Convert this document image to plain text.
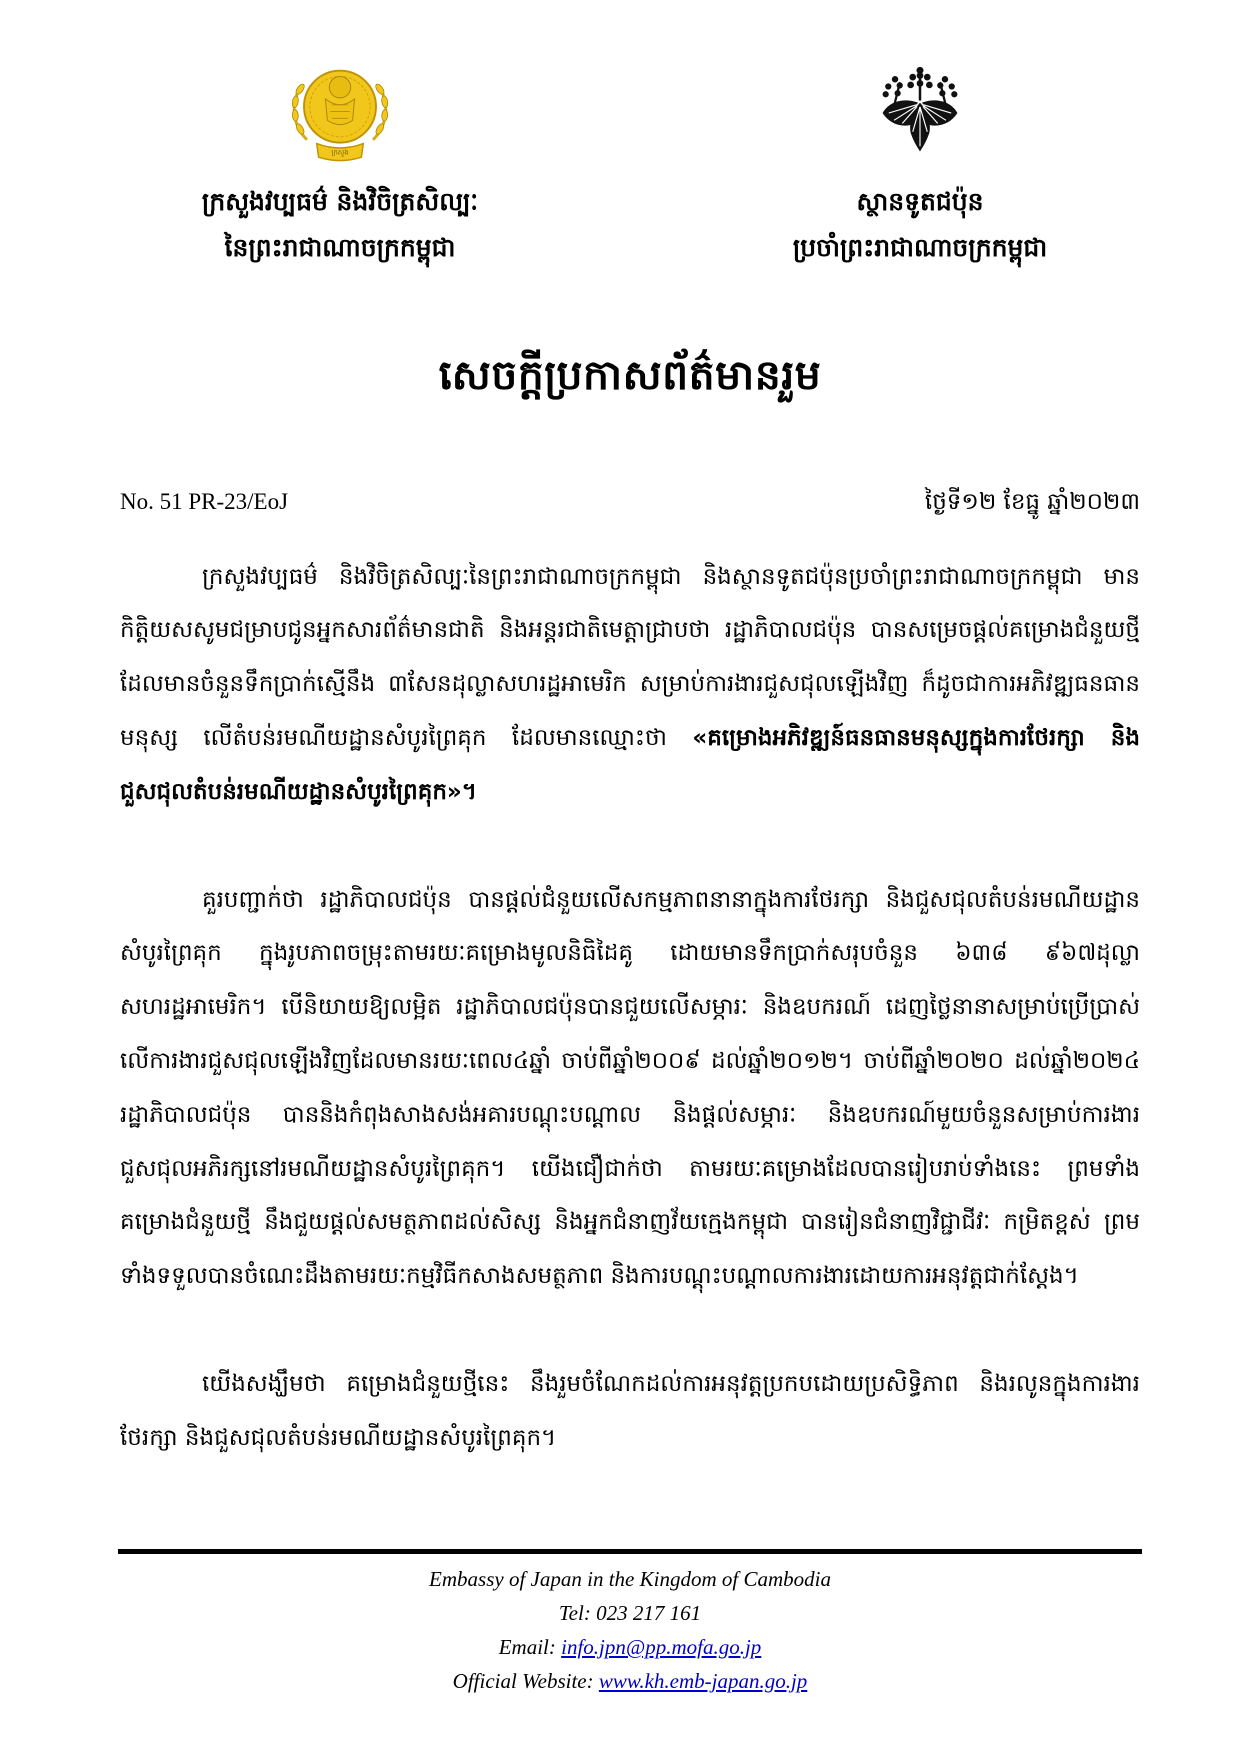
ក្រសួង
ក្រសួងវប្បធម៌ និងវិចិត្រសិល្បៈ
នៃព្រះរាជាណាចក្រកម្ពុជា
ស្ថានទូតជប៉ុន
ប្រចាំព្រះរាជាណាចក្រកម្ពុជា
សេចក្ដីប្រកាសព័ត៌មានរួម
No. 51 PR-23/EoJ	ថ្ងៃទី១២ ខែធ្នូ ឆ្នាំ២០២៣

ក្រសួងវប្បធម៌ និងវិចិត្រសិល្បៈនៃព្រះរាជាណាចក្រកម្ពុជា និងស្ថានទូតជប៉ុនប្រចាំព្រះរាជាណាចក្រកម្ពុជា មានកិត្តិយសសូមជម្រាបជូនអ្នកសារព័ត៌មានជាតិ និងអន្តរជាតិមេត្តាជ្រាបថា រដ្ឋាភិបាលជប៉ុន បានសម្រេចផ្តល់គម្រោងជំនួយថ្មី ដែលមានចំនួនទឹកប្រាក់ស្មើនឹង ៣សែនដុល្លាសហរដ្ឋអាមេរិក សម្រាប់ការងារជួសជុលឡើងវិញ ក៏ដូចជាការអភិវឌ្ឍធនធានមនុស្ស លើតំបន់រមណីយដ្ឋានសំបូរព្រៃគុក ដែលមានឈ្មោះថា «គម្រោងអភិវឌ្ឍន៍ធនធានមនុស្សក្នុងការថែរក្សា និងជួសជុលតំបន់រមណីយដ្ឋានសំបូរព្រៃគុក»។

គួរបញ្ជាក់ថា រដ្ឋាភិបាលជប៉ុន បានផ្តល់ជំនួយលើសកម្មភាពនានាក្នុងការថែរក្សា និងជួសជុលតំបន់រមណីយដ្ឋានសំបូរព្រៃគុក ក្នុងរូបភាពចម្រុះតាមរយៈគម្រោងមូលនិធិដៃគូ ដោយមានទឹកប្រាក់សរុបចំនួន ៦៣៨ ៩៦៧ដុល្លាសហរដ្ឋអាមេរិក។ បើនិយាយឱ្យលម្អិត រដ្ឋាភិបាលជប៉ុនបានជួយលើសម្ភារៈ និងឧបករណ៍ ដេញថ្លៃនានាសម្រាប់ប្រើប្រាស់លើការងារជួសជុលឡើងវិញដែលមានរយៈពេល៤ឆ្នាំ ចាប់ពីឆ្នាំ២០០៩ ដល់ឆ្នាំ២០១២។ ចាប់ពីឆ្នាំ២០២០ ដល់ឆ្នាំ២០២៤ រដ្ឋាភិបាលជប៉ុន បាននិងកំពុងសាងសង់អគារបណ្ដុះបណ្ដាល និងផ្តល់សម្ភារៈ និងឧបករណ៍មួយចំនួនសម្រាប់ការងារជួសជុលអភិរក្សនៅរមណីយដ្ឋានសំបូរព្រៃគុក។ យើងជឿជាក់ថា តាមរយៈគម្រោងដែលបានរៀបរាប់ទាំងនេះ ព្រមទាំងគម្រោងជំនួយថ្មី នឹងជួយផ្តល់សមត្ថភាពដល់សិស្ស និងអ្នកជំនាញវ័យក្មេងកម្ពុជា បានរៀនជំនាញវិជ្ជាជីវៈ កម្រិតខ្ពស់ ព្រមទាំងទទួលបានចំណេះដឹងតាមរយៈកម្មវិធីកសាងសមត្ថភាព និងការបណ្ដុះបណ្ដាលការងារដោយការអនុវត្តជាក់ស្ដែង។

យើងសង្ឃឹមថា គម្រោងជំនួយថ្មីនេះ នឹងរួមចំណែកដល់ការអនុវត្តប្រកបដោយប្រសិទ្ធិភាព និងរលូនក្នុងការងារថែរក្សា និងជួសជុលតំបន់រមណីយដ្ឋានសំបូរព្រៃគុក។

Embassy of Japan in the Kingdom of Cambodia
Tel: 023 217 161
Email: info.jpn@pp.mofa.go.jp
Official Website: www.kh.emb-japan.go.jp
